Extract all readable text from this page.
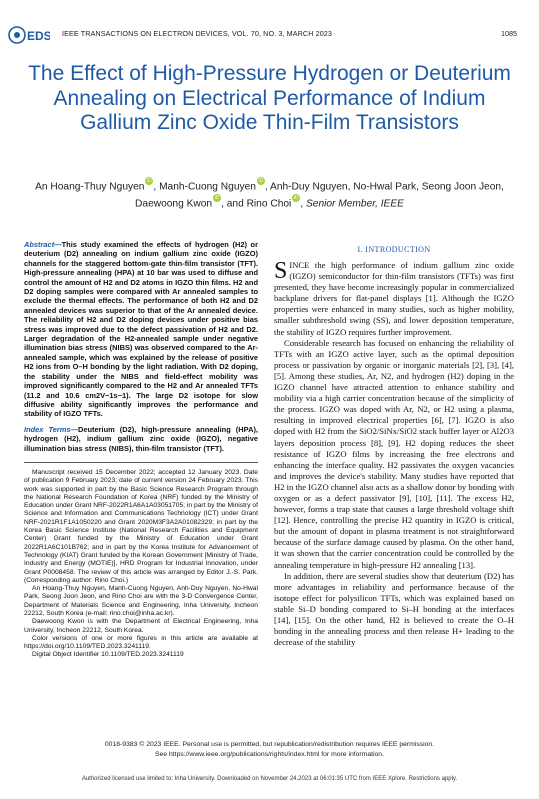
EDS IEEE TRANSACTIONS ON ELECTRON DEVICES, VOL. 70, NO. 3, MARCH 2023	1085
The Effect of High-Pressure Hydrogen or Deuterium Annealing on Electrical Performance of Indium Gallium Zinc Oxide Thin-Film Transistors
An Hoang-Thuy NguyeniD , Manh-Cuong NguyeniD , Anh-Duy Nguyen, No-Hwal Park, Seong Joon Jeon,
Daewoong KwoniD , and Rino ChoiiD , Senior Member, IEEE
Abstract—This study examined the effects of hydrogen (H2) or deuterium (D2) annealing on indium gallium zinc oxide (IGZO) channels for the staggered bottom-gate thin-film transistor (TFT). High-pressure annealing (HPA) at 10 bar was used to diffuse and control the amount of H2 and D2 atoms in IGZO thin films. H2 and D2 doping samples were compared with Ar annealed samples to exclude the thermal effects. The performance of both H2 and D2 annealed devices was superior to that of the Ar annealed device. The reliability of H2 and D2 doping devices under positive bias stress was improved due to the defect passivation of H2 and D2. Larger degradation of the H2-annealed sample under negative illumination bias stress (NIBS) was observed compared to the Ar-annealed sample, which was explained by the release of positive H2 ions from O–H bonding by the light radiation. With D2 doping, the stability under the NIBS and field-effect mobility was improved significantly compared to the H2 and Ar annealed TFTs (11.2 and 10.6 cm2V−1s−1). The large D2 isotope for slow diffusive ability significantly improves the performance and stability of IGZO TFTs.
Index Terms—Deuterium (D2), high-pressure annealing (HPA), hydrogen (H2), indium gallium zinc oxide (IGZO), negative illumination bias stress (NIBS), thin-film transistor (TFT).

Manuscript received 15 December 2022; accepted 12 January 2023. Date of publication 9 February 2023; date of current version 24 February 2023. This work was supported in part by the Basic Science Research Program through the National Research Foundation of Korea (NRF) funded by the Ministry of Education under Grant NRF-2022R1A6A1A03051705; in part by the Ministry of Science and Information and Communications Technology (ICT) under Grant NRF-2021R1F1A1050220 and Grant 2020M3F3A2A01082329; in part by the Korea Basic Science Institute (National Research Facilities and Equipment Center) Grant funded by the Ministry of Education under Grant 2022R1A6C101B762; and in part by the Korea Institute for Advancement of Technology (KIAT) Grant funded by the Korean Government [Ministry of Trade, Industry and Energy (MOTIE)], HRD Program for Industrial Innovation, under Grant P0008458. The review of this article was arranged by Editor J.-S. Park. (Corresponding author: Rino Choi.)

An Hoang-Thuy Nguyen, Manh-Cuong Nguyen, Anh-Duy Nguyen, No-Hwal Park, Seong Joon Jeon, and Rino Choi are with the 3-D Convergence Center, Department of Materials Science and Engineering, Inha University, Incheon 22212, South Korea (e-mail: rino.choi@inha.ac.kr).

Daewoong Kwon is with the Department of Electrical Engineering, Inha University, Incheon 22212, South Korea.

Color versions of one or more figures in this article are available at https://doi.org/10.1109/TED.2023.3241119.

Digital Object Identifier 10.1109/TED.2023.3241119

I. INTRODUCTION

SINCE the high performance of indium gallium zinc oxide (IGZO) semiconductor for thin-film transistors (TFTs) was first presented, they have become increasingly popular in commercialized backplane drivers for flat-panel displays [1]. Although the IGZO properties were enhanced in many studies, such as higher mobility, smaller subthreshold swing (SS), and lower deposition temperature, the stability of IGZO requires further improvement.

Considerable research has focused on enhancing the reliability of TFTs with an IGZO active layer, such as the optimal deposition process or passivation by organic or inorganic materials [2], [3], [4], [5]. Among these studies, Ar, N2, and hydrogen (H2) doping in the IGZO channel have attracted attention to enhance stability and mobility via a high carrier concentration because of the simplicity of the process. IGZO was doped with Ar, N2, or H2 using a plasma, resulting in improved electrical properties [6], [7]. IGZO is also doped with H2 from the SiO2/SiNx/SiO2 stack buffer layer or Al2O3 layers deposition process [8], [9]. H2 doping reduces the sheet resistance of IGZO films by increasing the free electrons and enhancing the interface quality. H2 passivates the oxygen vacancies and improves the device's stability. Many studies have reported that H2 in the IGZO channel also acts as a shallow donor by bonding with oxygen or as a defect passivator [9], [10], [11]. The excess H2, however, forms a trap state that causes a large threshold voltage shift [12]. Hence, controlling the precise H2 quantity in IGZO is critical, but the amount of dopant in plasma treatment is not straightforward because of the surface damage caused by plasma. On the other hand, it was shown that the carrier concentration could be controlled by the annealing temperature in high-pressure H2 annealing [13].

In addition, there are several studies show that deuterium (D2) has more advantages in reliability and performance because of the isotope effect for polysilicon TFTs, which was explained based on stable Si–D bonding compared to Si–H bonding at the interfaces [14], [15]. On the other hand, H2 is believed to create the O–H bonding in the annealing process and then release H+ leading to the decrease of the stability

0018-9383 © 2023 IEEE. Personal use is permitted, but republication/redistribution requires IEEE permission.
See https://www.ieee.org/publications/rights/index.html for more information.
Authorized licensed use limited to: Inha University. Downloaded on November 24,2023 at 06:01:35 UTC from IEEE Xplore. Restrictions apply.
